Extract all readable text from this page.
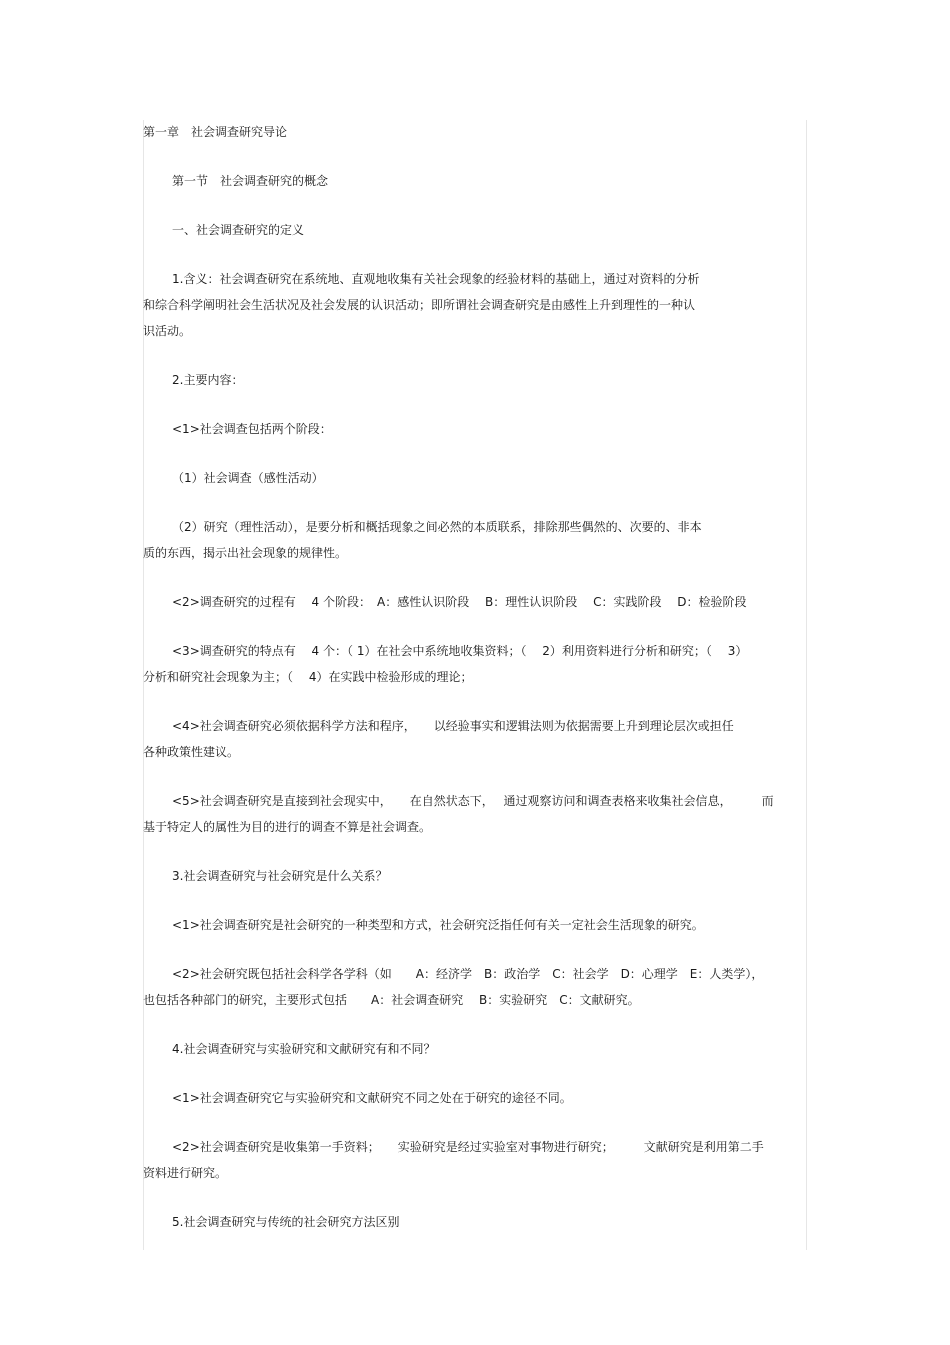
第一章　社会调查研究导论
第一节　社会调查研究的概念
一、社会调查研究的定义
1.含义：社会调查研究在系统地、直观地收集有关社会现象的经验材料的基础上，通过对资料的分析
和综合科学阐明社会生活状况及社会发展的认识活动；即所谓社会调查研究是由感性上升到理性的一种认
识活动。
2.主要内容：
<1>社会调查包括两个阶段：
（1）社会调查（感性活动）
（2）研究（理性活动），是要分析和概括现象之间必然的本质联系，排除那些偶然的、次要的、非本
质的东西，揭示出社会现象的规律性。
<2>调查研究的过程有　 4 个阶段：　A：感性认识阶段　 B：理性认识阶段　 C：实践阶段　 D：检验阶段
<3>调查研究的特点有　 4 个：（ 1）在社会中系统地收集资料；（　 2）利用资料进行分析和研究；（　 3）
分析和研究社会现象为主；（　 4）在实践中检验形成的理论；
<4>社会调查研究必须依据科学方法和程序，　　以经验事实和逻辑法则为依据需要上升到理论层次或担任
各种政策性建议。
<5>社会调查研究是直接到社会现实中，　　在自然状态下，　 通过观察访问和调查表格来收集社会信息，　　　而
基于特定人的属性为目的进行的调查不算是社会调查。
3.社会调查研究与社会研究是什么关系？
<1>社会调查研究是社会研究的一种类型和方式，社会研究泛指任何有关一定社会生活现象的研究。
<2>社会研究既包括社会科学各学科（如　　A：经济学　B：政治学　C：社会学　D：心理学　E：人类学），
也包括各种部门的研究，主要形式包括　　A：社会调查研究　 B：实验研究　C：文献研究。
4.社会调查研究与实验研究和文献研究有和不同？
<1>社会调查研究它与实验研究和文献研究不同之处在于研究的途径不同。
<2>社会调查研究是收集第一手资料；　　实验研究是经过实验室对事物进行研究；　　　文献研究是利用第二手
资料进行研究。
5.社会调查研究与传统的社会研究方法区别
